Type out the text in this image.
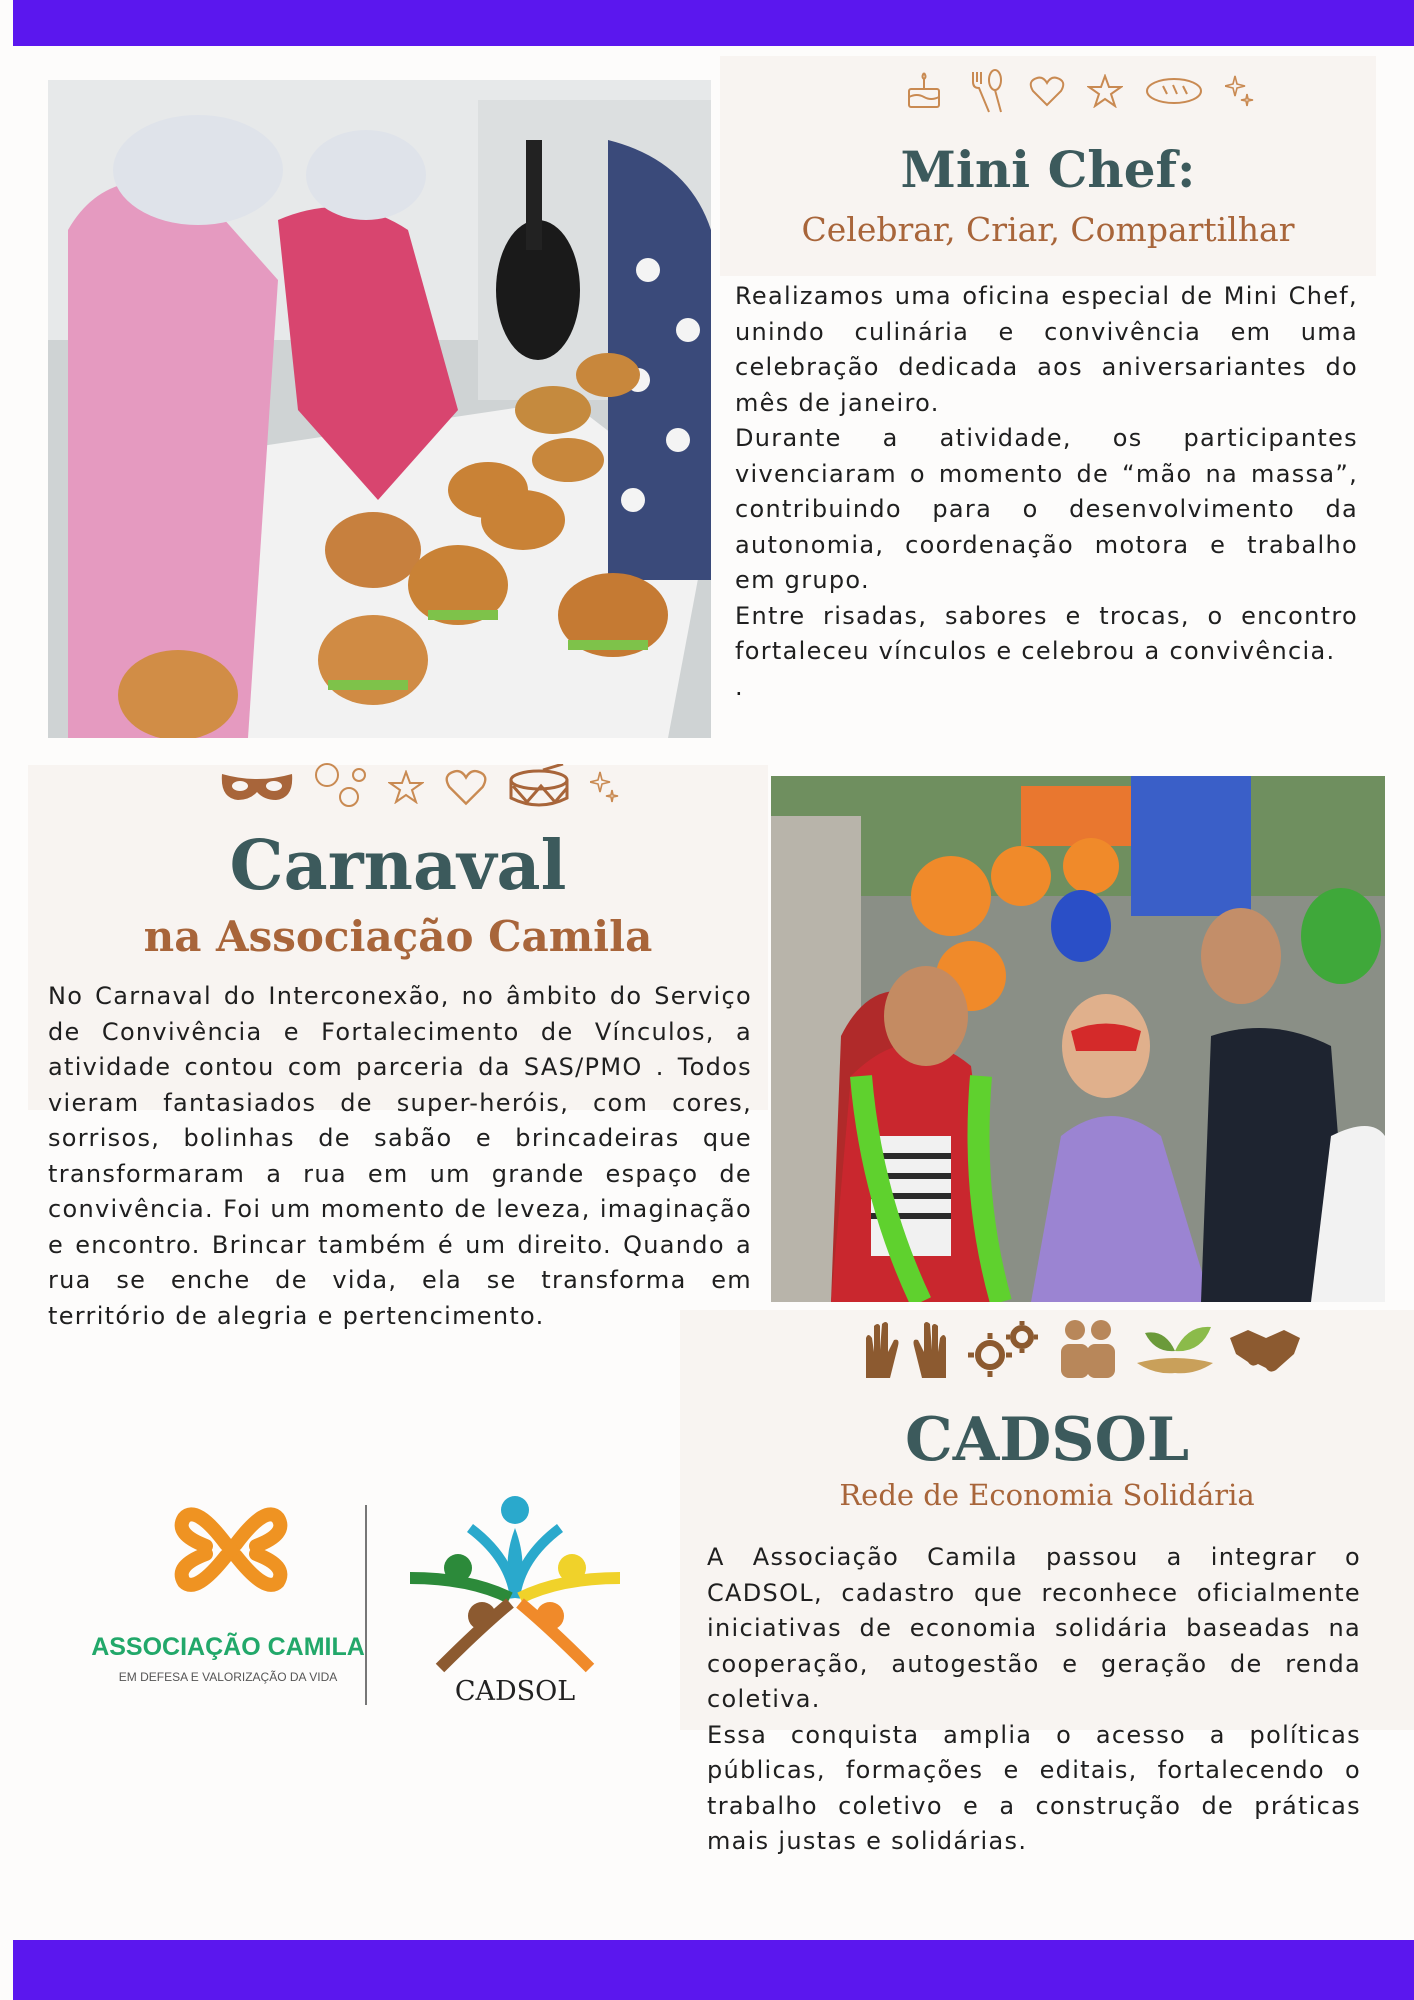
Mini Chef:
Celebrar, Criar, Compartilhar

Realizamos uma oficina especial de Mini Chef, unindo culinária e convivência em uma celebração dedicada aos aniversariantes do mês de janeiro.

Durante a atividade, os participantes vivenciaram o momento de “mão na massa”, contribuindo para o desenvolvimento da autonomia, coordenação motora e trabalho em grupo.

Entre risadas, sabores e trocas, o encontro fortaleceu vínculos e celebrou a convivência.

.

Carnaval
na Associação Camila

No Carnaval do Interconexão, no âmbito do Serviço de Convivência e Fortalecimento de Vínculos, a atividade contou com parceria da SAS/PMO . Todos vieram fantasiados de super-heróis, com cores, sorrisos, bolinhas de sabão e brincadeiras que transformaram a rua em um grande espaço de convivência. Foi um momento de leveza, imaginação e encontro. Brincar também é um direito. Quando a rua se enche de vida, ela se transforma em território de alegria e pertencimento.

ASSOCIAÇÃO CAMILA
EM DEFESA E VALORIZAÇÃO DA VIDA	CADSOL
CADSOL
Rede de Economia Solidária

A Associação Camila passou a integrar o CADSOL, cadastro que reconhece oficialmente iniciativas de economia solidária baseadas na cooperação, autogestão e geração de renda coletiva.

Essa conquista amplia o acesso a políticas públicas, formações e editais, fortalecendo o trabalho coletivo e a construção de práticas mais justas e solidárias.
